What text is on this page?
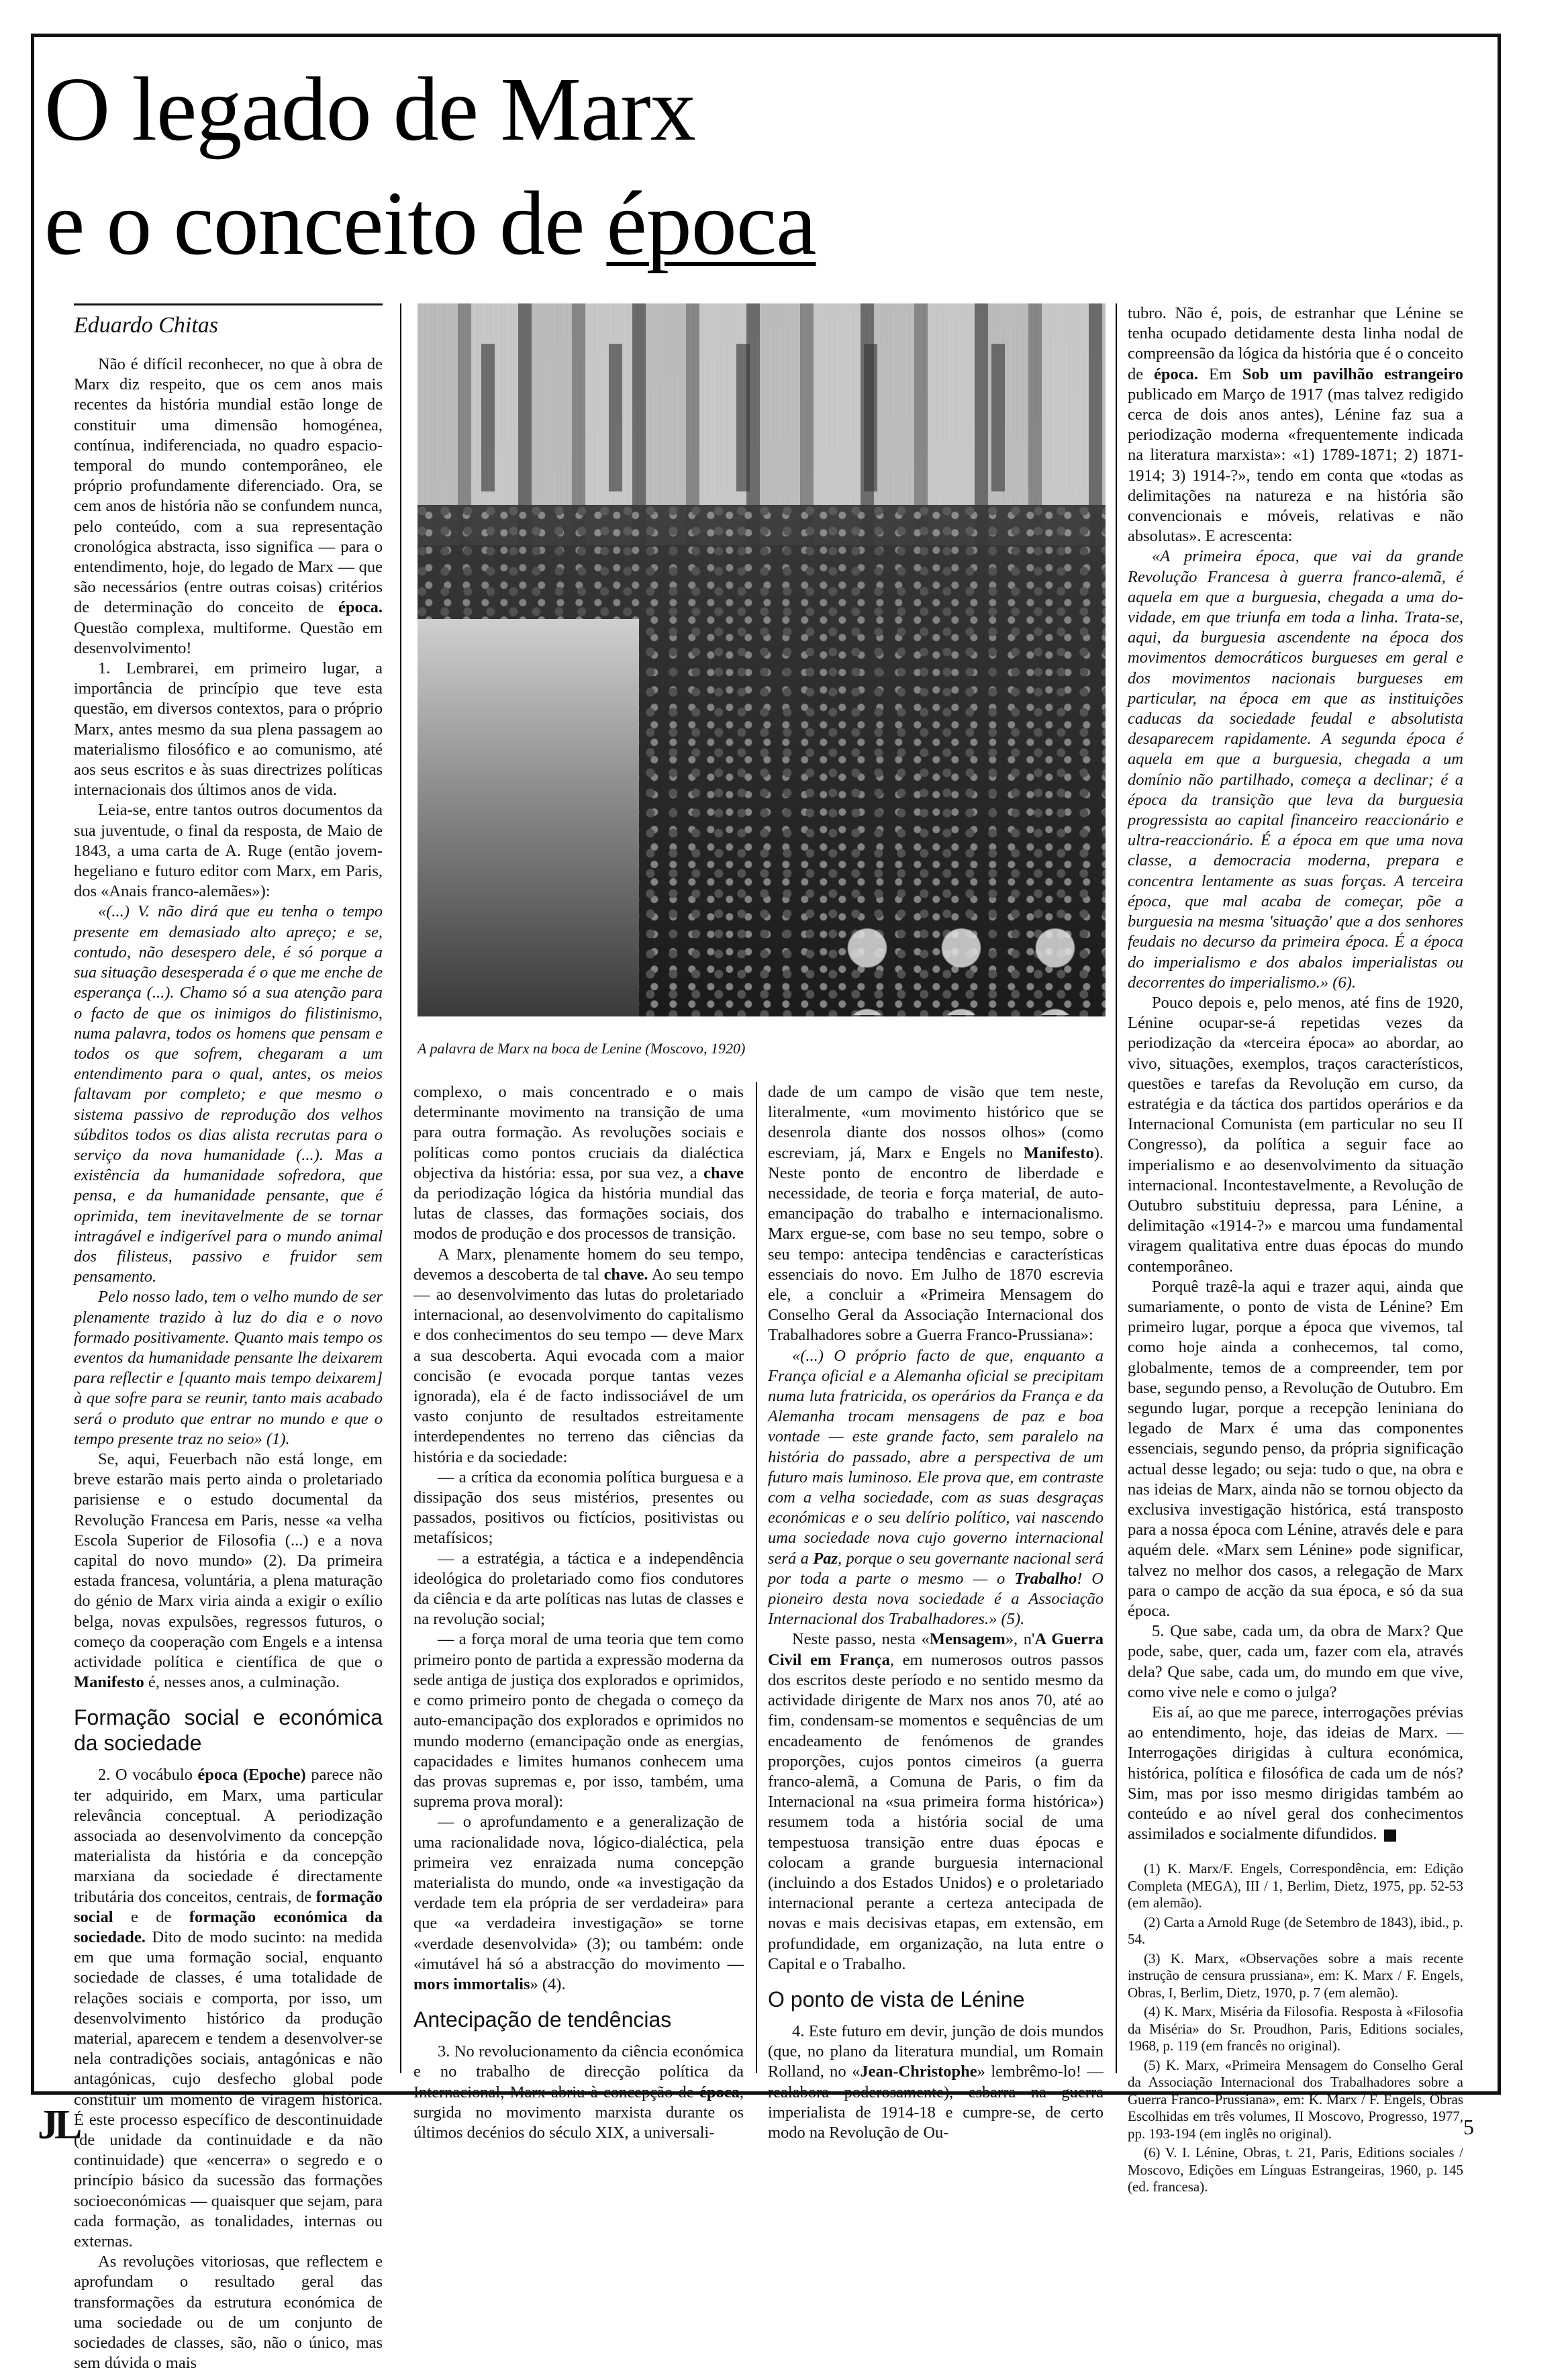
O legado de Marx
e o conceito de época
Eduardo Chitas

Não é difícil reconhecer, no que à obra de Marx diz respeito, que os cem anos mais recentes da história mundial estão longe de constituir uma dimensão homogénea, contínua, indiferenciada, no quadro espacio-temporal do mundo contemporâneo, ele próprio profundamente diferenciado. Ora, se cem anos de história não se confundem nunca, pelo conteúdo, com a sua representação cronológica abstracta, isso significa — para o entendimento, hoje, do legado de Marx — que são necessários (entre outras coisas) critérios de determinação do conceito de época. Questão complexa, multiforme. Questão em desenvolvimento!

1. Lembrarei, em primeiro lugar, a importância de princípio que teve esta questão, em diversos contextos, para o próprio Marx, antes mesmo da sua plena passagem ao materialismo filosófico e ao comunismo, até aos seus escritos e às suas directrizes políticas internacionais dos últimos anos de vida.

Leia-se, entre tantos outros documentos da sua juventude, o final da resposta, de Maio de 1843, a uma carta de A. Ruge (então jovem-hegeliano e futuro editor com Marx, em Paris, dos «Anais franco-alemães»):

«(...) V. não dirá que eu tenha o tempo presente em demasiado alto apreço; e se, contudo, não desespero dele, é só porque a sua situação desesperada é o que me enche de esperança (...). Chamo só a sua atenção para o facto de que os inimigos do filistinismo, numa palavra, todos os homens que pensam e todos os que sofrem, chegaram a um entendimento para o qual, antes, os meios faltavam por completo; e que mesmo o sistema passivo de reprodução dos velhos súbditos todos os dias alista recrutas para o serviço da nova humanidade (...). Mas a existência da humanidade sofredora, que pensa, e da humanidade pensante, que é oprimida, tem inevitavelmente de se tornar intragável e indigerível para o mundo animal dos filisteus, passivo e fruidor sem pensamento.

Pelo nosso lado, tem o velho mundo de ser plenamente trazido à luz do dia e o novo formado positivamente. Quanto mais tempo os eventos da humanidade pensante lhe deixarem para reflectir e [quanto mais tempo deixarem] à que sofre para se reunir, tanto mais acabado será o produto que entrar no mundo e que o tempo presente traz no seio» (1).

Se, aqui, Feuerbach não está longe, em breve estarão mais perto ainda o proletariado parisiense e o estudo documental da Revolução Francesa em Paris, nesse «a velha Escola Superior de Filosofia (...) e a nova capital do novo mundo» (2). Da primeira estada francesa, voluntária, a plena maturação do génio de Marx viria ainda a exigir o exílio belga, novas expulsões, regressos futuros, o começo da cooperação com Engels e a intensa actividade política e científica de que o Manifesto é, nesses anos, a culminação.

Formação social e económica da sociedade

2. O vocábulo época (Epoche) parece não ter adquirido, em Marx, uma particular relevância conceptual. A periodização associada ao desenvolvimento da concepção materialista da história e da concepção marxiana da sociedade é directamente tributária dos conceitos, centrais, de formação social e de formação económica da sociedade. Dito de modo sucinto: na medida em que uma formação social, enquanto sociedade de classes, é uma totalidade de relações sociais e comporta, por isso, um desenvolvimento histórico da produção material, aparecem e tendem a desenvolver-se nela contradições sociais, antagónicas e não antagónicas, cujo desfecho global pode constituir um momento de viragem histórica. É este processo específico de descontinuidade (de unidade da continuidade e da não continuidade) que «encerra» o segredo e o princípio básico da sucessão das formações socioeconómicas — quaisquer que sejam, para cada formação, as tonalidades, internas ou externas.

As revoluções vitoriosas, que reflectem e aprofundam o resultado geral das transformações da estrutura económica de uma sociedade ou de um conjunto de sociedades de classes, são, não o único, mas sem dúvida o mais

A palavra de Marx na boca de Lenine (Moscovo, 1920)

complexo, o mais concentrado e o mais determinante movimento na transição de uma para outra formação. As revoluções sociais e políticas como pontos cruciais da dialéctica objectiva da história: essa, por sua vez, a chave da periodização lógica da história mundial das lutas de classes, das formações sociais, dos modos de produção e dos processos de transição.

A Marx, plenamente homem do seu tempo, devemos a descoberta de tal chave. Ao seu tempo — ao desenvolvimento das lutas do proletariado internacional, ao desenvolvimento do capitalismo e dos conhecimentos do seu tempo — deve Marx a sua descoberta. Aqui evocada com a maior concisão (e evocada porque tantas vezes ignorada), ela é de facto indissociável de um vasto conjunto de resultados estreitamente interdependentes no terreno das ciências da história e da sociedade:

— a crítica da economia política burguesa e a dissipação dos seus mistérios, presentes ou passados, positivos ou fictícios, positivistas ou metafísicos;

— a estratégia, a táctica e a independência ideológica do proletariado como fios condutores da ciência e da arte políticas nas lutas de classes e na revolução social;

— a força moral de uma teoria que tem como primeiro ponto de partida a expressão moderna da sede antiga de justiça dos explorados e oprimidos, e como primeiro ponto de chegada o começo da auto-emancipação dos explorados e oprimidos no mundo moderno (emancipação onde as energias, capacidades e limites humanos conhecem uma das provas supremas e, por isso, também, uma suprema prova moral):

— o aprofundamento e a generalização de uma racionalidade nova, lógico-dialéctica, pela primeira vez enraizada numa concepção materialista do mundo, onde «a investigação da verdade tem ela própria de ser verdadeira» para que «a verdadeira investigação» se torne «verdade desenvolvida» (3); ou também: onde «imutável há só a abstracção do movimento — mors immortalis» (4).

Antecipação de tendências

3. No revolucionamento da ciência económica e no trabalho de direcção política da Internacional, Marx abriu à concepção de época, surgida no movimento marxista durante os últimos decénios do século XIX, a universali-

dade de um campo de visão que tem neste, literalmente, «um movimento histórico que se desenrola diante dos nossos olhos» (como escreviam, já, Marx e Engels no Manifesto). Neste ponto de encontro de liberdade e necessidade, de teoria e força material, de auto-emancipação do trabalho e internacionalismo. Marx ergue-se, com base no seu tempo, sobre o seu tempo: antecipa tendências e características essenciais do novo. Em Julho de 1870 escrevia ele, a concluir a «Primeira Mensagem do Conselho Geral da Associação Internacional dos Trabalhadores sobre a Guerra Franco-Prussiana»:

«(...) O próprio facto de que, enquanto a França oficial e a Alemanha oficial se precipitam numa luta fratricida, os operários da França e da Alemanha trocam mensagens de paz e boa vontade — este grande facto, sem paralelo na história do passado, abre a perspectiva de um futuro mais luminoso. Ele prova que, em contraste com a velha sociedade, com as suas desgraças económicas e o seu delírio político, vai nascendo uma sociedade nova cujo governo internacional será a Paz, porque o seu governante nacional será por toda a parte o mesmo — o Trabalho! O pioneiro desta nova sociedade é a Associação Internacional dos Trabalhadores.» (5).

Neste passo, nesta «Mensagem», n'A Guerra Civil em França, em numerosos outros passos dos escritos deste período e no sentido mesmo da actividade dirigente de Marx nos anos 70, até ao fim, condensam-se momentos e sequências de um encadeamento de fenómenos de grandes proporções, cujos pontos cimeiros (a guerra franco-alemã, a Comuna de Paris, o fim da Internacional na «sua primeira forma histórica») resumem toda a história social de uma tempestuosa transição entre duas épocas e colocam a grande burguesia internacional (incluindo a dos Estados Unidos) e o proletariado internacional perante a certeza antecipada de novas e mais decisivas etapas, em extensão, em profundidade, em organização, na luta entre o Capital e o Trabalho.

O ponto de vista de Lénine

4. Este futuro em devir, junção de dois mundos (que, no plano da literatura mundial, um Romain Rolland, no «Jean-Christophe» lembrêmo-lo! — realabora poderosamente), esbarra na guerra imperialista de 1914-18 e cumpre-se, de certo modo na Revolução de Ou-

tubro. Não é, pois, de estranhar que Lénine se tenha ocupado detidamente desta linha nodal de compreensão da lógica da história que é o conceito de época. Em Sob um pavilhão estrangeiro publicado em Março de 1917 (mas talvez redigido cerca de dois anos antes), Lénine faz sua a periodização moderna «frequentemente indicada na literatura marxista»: «1) 1789-1871; 2) 1871-1914; 3) 1914-?», tendo em conta que «todas as delimitações na natureza e na história são convencionais e móveis, relativas e não absolutas». E acrescenta:

«A primeira época, que vai da grande Revolução Francesa à guerra franco-alemã, é aquela em que a burguesia, chegada a uma do-vidade, em que triunfa em toda a linha. Trata-se, aqui, da burguesia ascendente na época dos movimentos democráticos burgueses em geral e dos movimentos nacionais burgueses em particular, na época em que as instituições caducas da sociedade feudal e absolutista desaparecem rapidamente. A segunda época é aquela em que a burguesia, chegada a um domínio não partilhado, começa a declinar; é a época da transição que leva da burguesia progressista ao capital financeiro reaccionário e ultra-reaccionário. É a época em que uma nova classe, a democracia moderna, prepara e concentra lentamente as suas forças. A terceira época, que mal acaba de começar, põe a burguesia na mesma 'situação' que a dos senhores feudais no decurso da primeira época. É a época do imperialismo e dos abalos imperialistas ou decorrentes do imperialismo.» (6).

Pouco depois e, pelo menos, até fins de 1920, Lénine ocupar-se-á repetidas vezes da periodização da «terceira época» ao abordar, ao vivo, situações, exemplos, traços característicos, questões e tarefas da Revolução em curso, da estratégia e da táctica dos partidos operários e da Internacional Comunista (em particular no seu II Congresso), da política a seguir face ao imperialismo e ao desenvolvimento da situação internacional. Incontestavelmente, a Revolução de Outubro substituiu depressa, para Lénine, a delimitação «1914-?» e marcou uma fundamental viragem qualitativa entre duas épocas do mundo contemporâneo.

Porquê trazê-la aqui e trazer aqui, ainda que sumariamente, o ponto de vista de Lénine? Em primeiro lugar, porque a época que vivemos, tal como hoje ainda a conhecemos, tal como, globalmente, temos de a compreender, tem por base, segundo penso, a Revolução de Outubro. Em segundo lugar, porque a recepção leniniana do legado de Marx é uma das componentes essenciais, segundo penso, da própria significação actual desse legado; ou seja: tudo o que, na obra e nas ideias de Marx, ainda não se tornou objecto da exclusiva investigação histórica, está transposto para a nossa época com Lénine, através dele e para aquém dele. «Marx sem Lénine» pode significar, talvez no melhor dos casos, a relegação de Marx para o campo de acção da sua época, e só da sua época.

5. Que sabe, cada um, da obra de Marx? Que pode, sabe, quer, cada um, fazer com ela, através dela? Que sabe, cada um, do mundo em que vive, como vive nele e como o julga?

Eis aí, ao que me parece, interrogações prévias ao entendimento, hoje, das ideias de Marx. — Interrogações dirigidas à cultura económica, histórica, política e filosófica de cada um de nós? Sim, mas por isso mesmo dirigidas também ao conteúdo e ao nível geral dos conhecimentos assimilados e socialmente difundidos.

(1) K. Marx/F. Engels, Correspondência, em: Edição Completa (MEGA), III / 1, Berlim, Dietz, 1975, pp. 52-53 (em alemão).

(2) Carta a Arnold Ruge (de Setembro de 1843), ibid., p. 54.

(3) K. Marx, «Observações sobre a mais recente instrução de censura prussiana», em: K. Marx / F. Engels, Obras, I, Berlim, Dietz, 1970, p. 7 (em alemão).

(4) K. Marx, Miséria da Filosofia. Resposta à «Filosofia da Miséria» do Sr. Proudhon, Paris, Editions sociales, 1968, p. 119 (em francês no original).

(5) K. Marx, «Primeira Mensagem do Conselho Geral da Associação Internacional dos Trabalhadores sobre a Guerra Franco-Prussiana», em: K. Marx / F. Engels, Obras Escolhidas em três volumes, II Moscovo, Progresso, 1977, pp. 193-194 (em inglês no original).

(6) V. I. Lénine, Obras, t. 21, Paris, Editions sociales / Moscovo, Edições em Línguas Estrangeiras, 1960, p. 145 (ed. francesa).

JL	5
